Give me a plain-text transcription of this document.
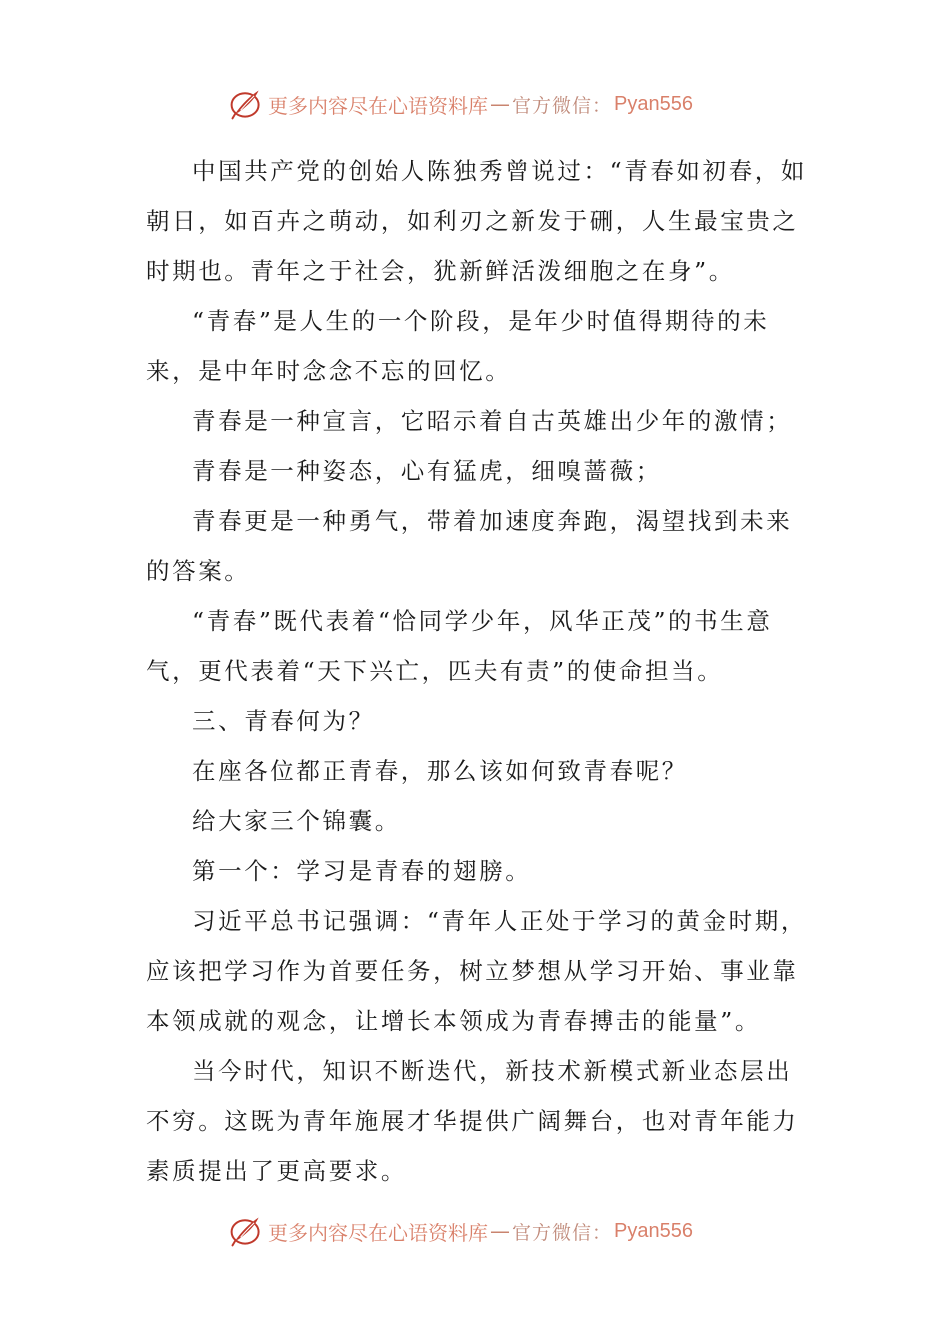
更多内容尽在心语资料库 — 官方微信： Pyan556

中国共产党的创始人陈独秀曾说过：“青春如初春，如朝日，如百卉之萌动，如利刃之新发于硎，人生最宝贵之时期也。青年之于社会，犹新鲜活泼细胞之在身”。

“青春”是人生的一个阶段，是年少时值得期待的未来，是中年时念念不忘的回忆。

青春是一种宣言，它昭示着自古英雄出少年的激情；

青春是一种姿态，心有猛虎，细嗅蔷薇；

青春更是一种勇气，带着加速度奔跑，渴望找到未来的答案。

“青春”既代表着“恰同学少年，风华正茂”的书生意气，更代表着“天下兴亡，匹夫有责”的使命担当。

三、青春何为？

在座各位都正青春，那么该如何致青春呢？

给大家三个锦囊。

第一个：学习是青春的翅膀。

习近平总书记强调：“青年人正处于学习的黄金时期，应该把学习作为首要任务，树立梦想从学习开始、事业靠本领成就的观念，让增长本领成为青春搏击的能量”。

当今时代，知识不断迭代，新技术新模式新业态层出不穷。这既为青年施展才华提供广阔舞台，也对青年能力素质提出了更高要求。

更多内容尽在心语资料库 — 官方微信： Pyan556
